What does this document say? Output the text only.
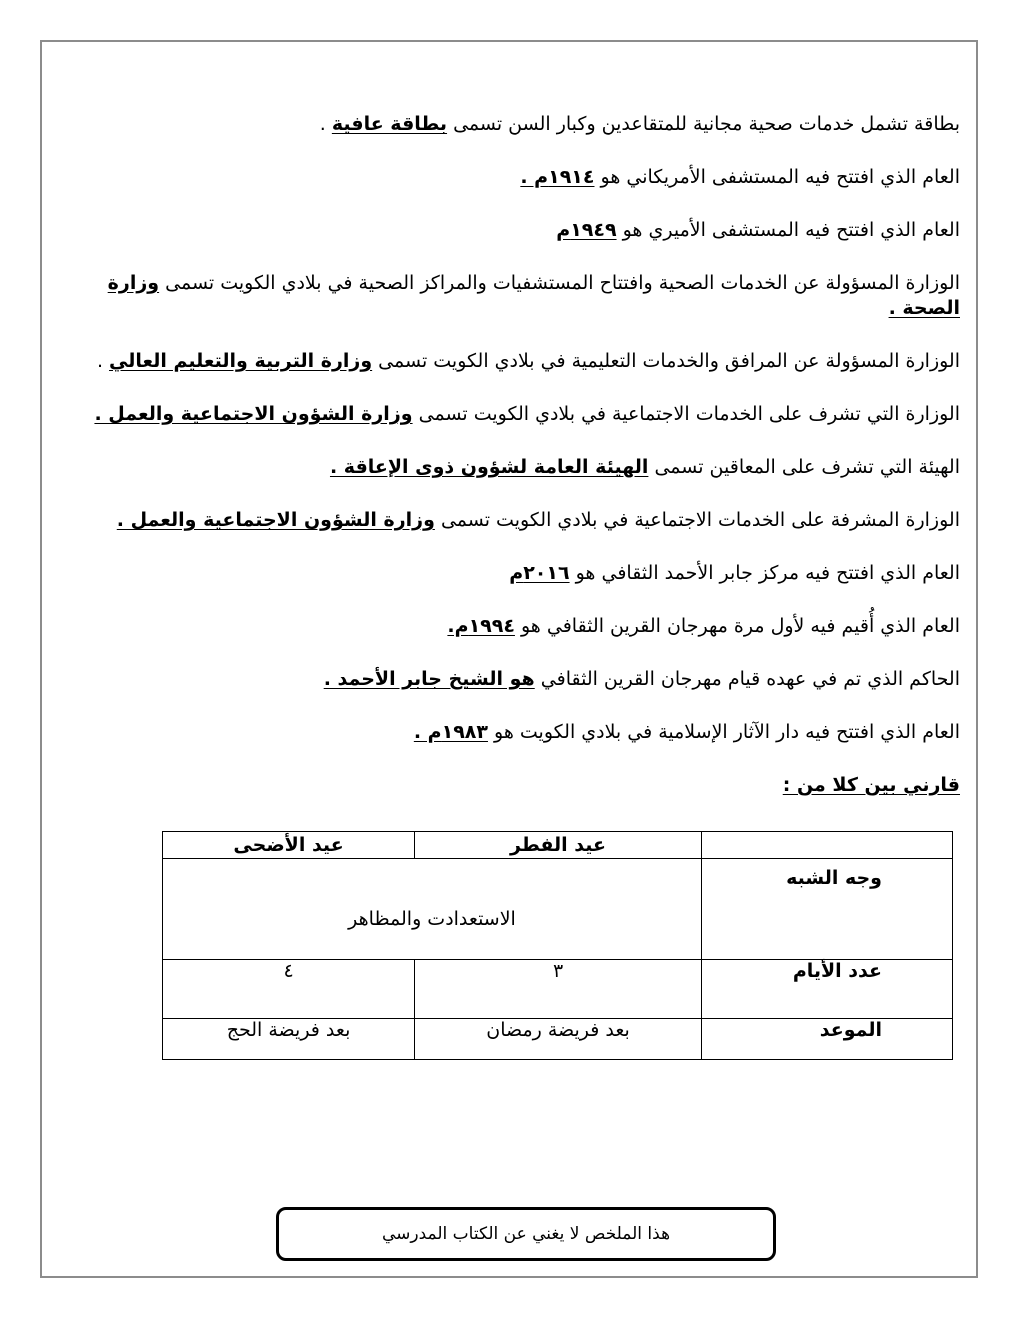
بطاقة تشمل خدمات صحية مجانية للمتقاعدين وكبار السن تسمى بطاقة عافية .

العام الذي افتتح فيه المستشفى الأمريكاني هو ١٩١٤م .

العام الذي افتتح فيه المستشفى الأميري هو ١٩٤٩م

الوزارة المسؤولة عن الخدمات الصحية وافتتاح المستشفيات والمراكز الصحية في بلادي الكويت تسمى وزارة الصحة .

الوزارة المسؤولة عن المرافق والخدمات التعليمية في بلادي الكويت تسمى وزارة التربية والتعليم العالي .

الوزارة التي تشرف على الخدمات الاجتماعية في بلادي الكويت تسمى وزارة الشؤون الاجتماعية والعمل .

الهيئة التي تشرف على المعاقين تسمى الهيئة العامة لشؤون ذوى الإعاقة .

الوزارة المشرفة على الخدمات الاجتماعية في بلادي الكويت تسمى وزارة الشؤون الاجتماعية والعمل .

العام الذي افتتح فيه مركز جابر الأحمد الثقافي هو ٢٠١٦م

العام الذي أُقيم فيه لأول مرة مهرجان القرين الثقافي هو ١٩٩٤م.

الحاكم الذي تم في عهده قيام مهرجان القرين الثقافي هو الشيخ جابر الأحمد .

العام الذي افتتح فيه دار الآثار الإسلامية في بلادي الكويت هو ١٩٨٣م .

قارني بين كلا من :

	عيد الفطر	عيد الأضحى
وجه الشبه	الاستعدادت والمظاهر	
عدد الأيام	٣	٤
الموعد	بعد فريضة رمضان	بعد فريضة الحج
هذا الملخص لا يغني عن الكتاب المدرسي
